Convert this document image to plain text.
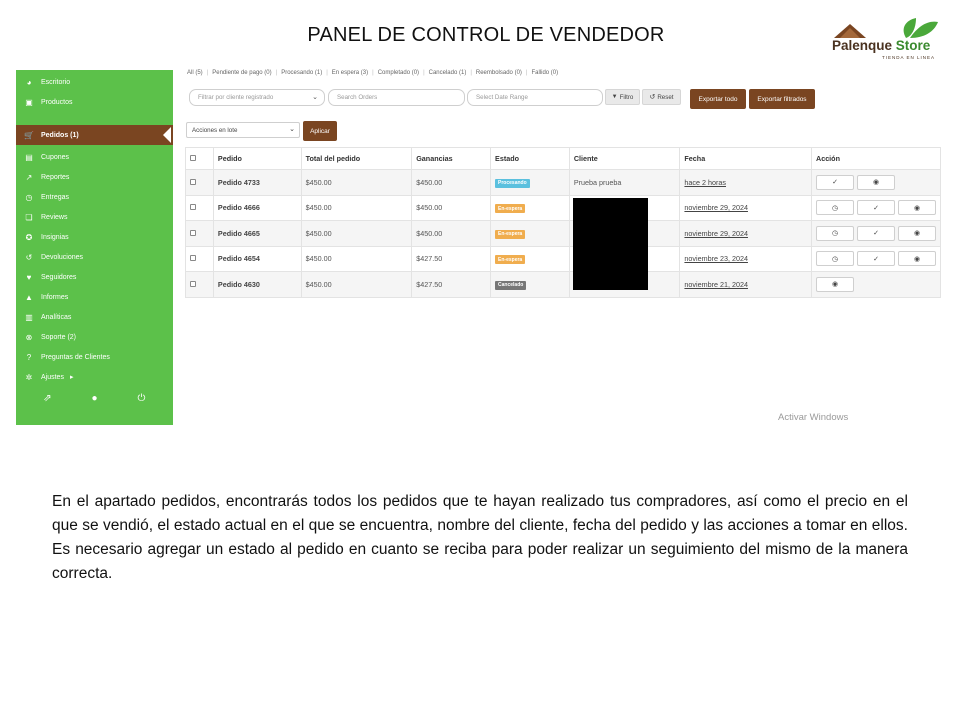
PANEL DE CONTROL DE VENDEDOR	Palenque Store
TIENDA EN LINEA
◕	Escritorio
▣ Productos
🛒 Pedidos (1)
▤ Cupones
↗ Reportes
◷ Entregas
❏ Reviews
✪ Insignias
↺ Devoluciones
♥	Seguidores
▲ Informes
▥ Analíticas
⊗ Soporte (2)
?	Preguntas de Clientes
✲ Ajustes ▸
⇗	●	⏻
All (5) | Pendiente de pago (0) | Procesando (1) | En espera (3) | Completado (0) | Cancelado (1) | Reembolsado (0) | Fallido (0)
Filtrar por cliente registrado	⌄	Search Orders	Select Date Range	▼ Filtro ↺ Reset	Exportar todo	Exportar filtrados
Acciones en lote	⌄	Aplicar
	Pedido	Total del pedido	Ganancias	Estado	Cliente	Fecha	Acción
	Pedido 4733	$450.00	$450.00	Procesando	Prueba prueba	hace 2 horas	✓ ◉

	Pedido 4666	$450.00	$450.00	En-espera		noviembre 29, 2024	◷ ✓ ◉

	Pedido 4665	$450.00	$450.00	En-espera		noviembre 29, 2024	◷ ✓ ◉

	Pedido 4654	$450.00	$427.50	En-espera		noviembre 23, 2024	◷ ✓ ◉

	Pedido 4630	$450.00	$427.50	Cancelado		noviembre 21, 2024	◉
Activar Windows
En el apartado pedidos, encontrarás todos los pedidos que te hayan realizado tus compradores, así como el precio en el que se vendió, el estado actual en el que se encuentra, nombre del cliente, fecha del pedido y las acciones a tomar en ellos. Es necesario agregar un estado al pedido en cuanto se reciba para poder realizar un seguimiento del mismo de la manera correcta.
